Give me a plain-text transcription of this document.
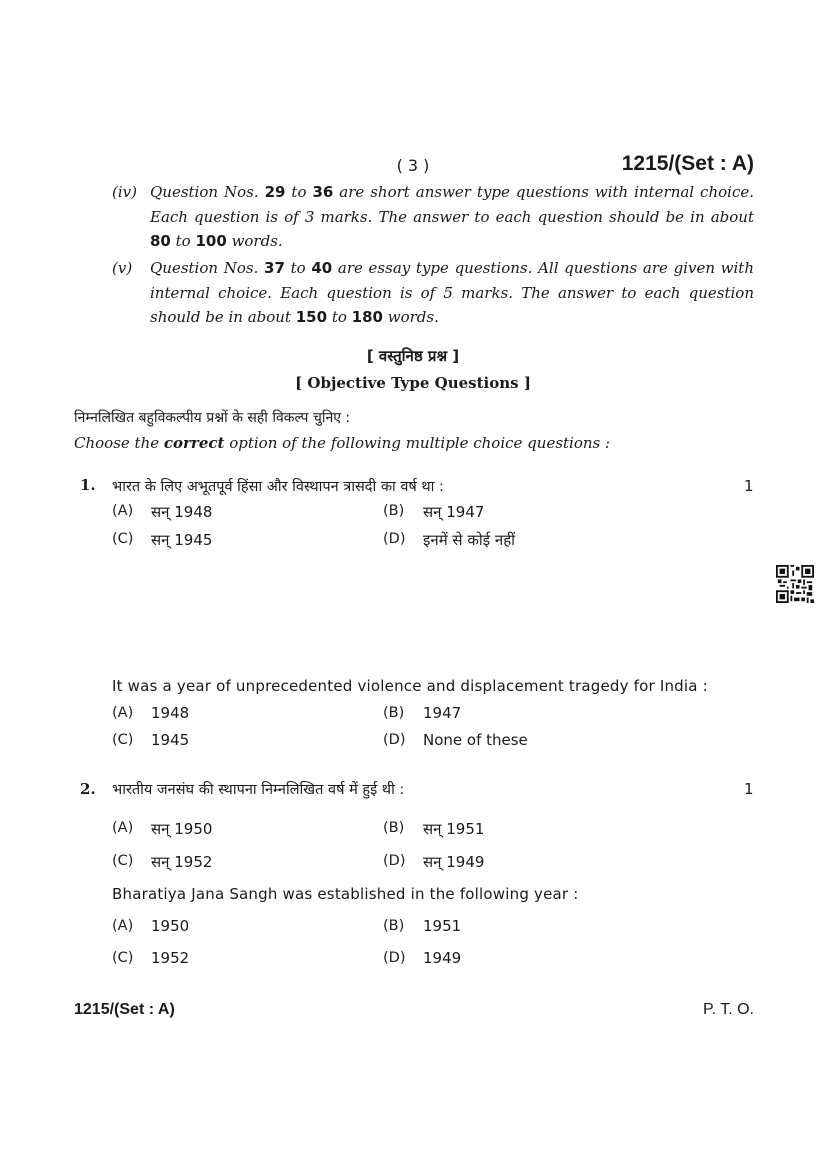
( 3 )	1215/(Set : A)
(iv) Question Nos. 29 to 36 are short answer type questions with internal choice. Each question is of 3 marks. The answer to each question should be in about 80 to 100 words.
(v) Question Nos. 37 to 40 are essay type questions. All questions are given with internal choice. Each question is of 5 marks. The answer to each question should be in about 150 to 180 words.
[ वस्तुनिष्ठ प्रश्न ]
[ Objective Type Questions ]
निम्नलिखित बहुविकल्पीय प्रश्नों के सही विकल्प चुनिए :
Choose the correct option of the following multiple choice questions :
1. भारत के लिए अभूतपूर्व हिंसा और विस्थापन त्रासदी का वर्ष था :	1
(A) सन् 1948	(B) सन् 1947
(C) सन् 1945	(D) इनमें से कोई नहीं
It was a year of unprecedented violence and displacement tragedy for India :
(A) 1948	(B) 1947
(C) 1945	(D) None of these
2. भारतीय जनसंघ की स्थापना निम्नलिखित वर्ष में हुई थी :	1
(A) सन् 1950	(B) सन् 1951
(C) सन् 1952	(D) सन् 1949
Bharatiya Jana Sangh was established in the following year :
(A) 1950	(B) 1951
(C) 1952	(D) 1949
1215/(Set : A)	P. T. O.
